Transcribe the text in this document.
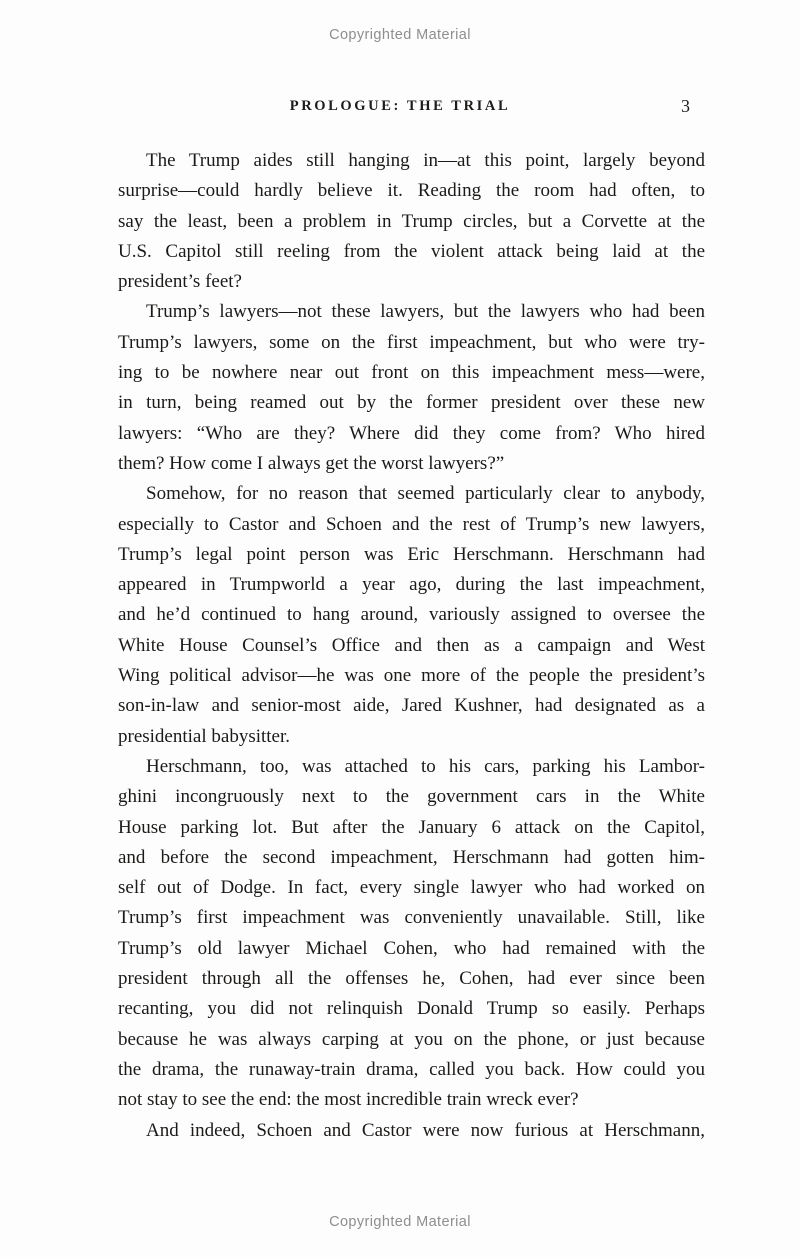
Copyrighted Material
PROLOGUE: THE TRIAL	3
The Trump aides still hanging in—at this point, largely beyond
surprise—could hardly believe it. Reading the room had often, to
say the least, been a problem in Trump circles, but a Corvette at the
U.S. Capitol still reeling from the violent attack being laid at the
president’s feet?
Trump’s lawyers—not these lawyers, but the lawyers who had been
Trump’s lawyers, some on the first impeachment, but who were try-
ing to be nowhere near out front on this impeachment mess—were,
in turn, being reamed out by the former president over these new
lawyers: “Who are they? Where did they come from? Who hired
them? How come I always get the worst lawyers?”
Somehow, for no reason that seemed particularly clear to anybody,
especially to Castor and Schoen and the rest of Trump’s new lawyers,
Trump’s legal point person was Eric Herschmann. Herschmann had
appeared in Trumpworld a year ago, during the last impeachment,
and he’d continued to hang around, variously assigned to oversee the
White House Counsel’s Office and then as a campaign and West
Wing political advisor—he was one more of the people the president’s
son-in-law and senior-most aide, Jared Kushner, had designated as a
presidential babysitter.
Herschmann, too, was attached to his cars, parking his Lambor-
ghini incongruously next to the government cars in the White
House parking lot. But after the January 6 attack on the Capitol,
and before the second impeachment, Herschmann had gotten him-
self out of Dodge. In fact, every single lawyer who had worked on
Trump’s first impeachment was conveniently unavailable. Still, like
Trump’s old lawyer Michael Cohen, who had remained with the
president through all the offenses he, Cohen, had ever since been
recanting, you did not relinquish Donald Trump so easily. Perhaps
because he was always carping at you on the phone, or just because
the drama, the runaway-train drama, called you back. How could you
not stay to see the end: the most incredible train wreck ever?
And indeed, Schoen and Castor were now furious at Herschmann,
Copyrighted Material
